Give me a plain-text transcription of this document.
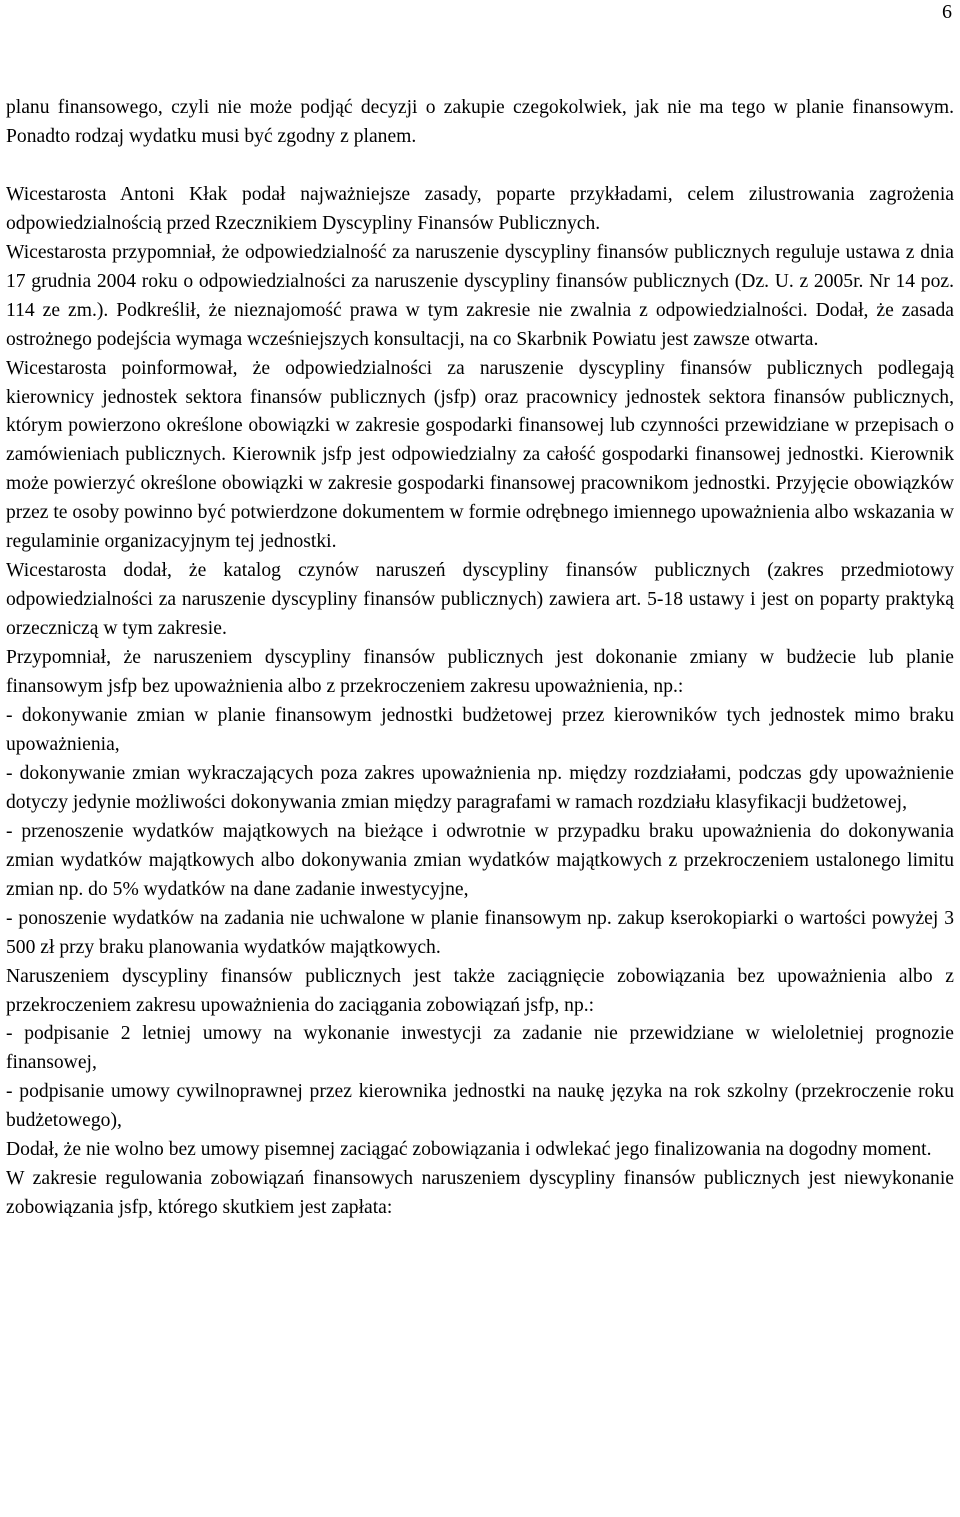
6

planu finansowego, czyli nie może podjąć decyzji o zakupie czegokolwiek, jak nie ma tego w planie finansowym. Ponadto rodzaj wydatku musi być zgodny z planem.

Wicestarosta Antoni Kłak podał najważniejsze zasady, poparte przykładami, celem zilustrowania zagrożenia odpowiedzialnością przed Rzecznikiem Dyscypliny Finansów Publicznych.

Wicestarosta przypomniał, że odpowiedzialność za naruszenie dyscypliny finansów publicznych reguluje ustawa z dnia 17 grudnia 2004 roku o odpowiedzialności za naruszenie dyscypliny finansów publicznych (Dz. U. z 2005r. Nr 14 poz. 114 ze zm.). Podkreślił, że nieznajomość prawa w tym zakresie nie zwalnia z odpowiedzialności. Dodał, że zasada ostrożnego podejścia wymaga wcześniejszych konsultacji, na co Skarbnik Powiatu jest zawsze otwarta.

Wicestarosta poinformował, że odpowiedzialności za naruszenie dyscypliny finansów publicznych podlegają kierownicy jednostek sektora finansów publicznych (jsfp) oraz pracownicy jednostek sektora finansów publicznych, którym powierzono określone obowiązki w zakresie gospodarki finansowej lub czynności przewidziane w przepisach o zamówieniach publicznych. Kierownik jsfp jest odpowiedzialny za całość gospodarki finansowej jednostki. Kierownik może powierzyć określone obowiązki w zakresie gospodarki finansowej pracownikom jednostki. Przyjęcie obowiązków przez te osoby powinno być potwierdzone dokumentem w formie odrębnego imiennego upoważnienia albo wskazania w regulaminie organizacyjnym tej jednostki.

Wicestarosta dodał, że katalog czynów naruszeń dyscypliny finansów publicznych (zakres przedmiotowy odpowiedzialności za naruszenie dyscypliny finansów publicznych) zawiera art. 5-18 ustawy i jest on poparty praktyką orzeczniczą w tym zakresie.

Przypomniał, że naruszeniem dyscypliny finansów publicznych jest dokonanie zmiany w budżecie lub planie finansowym jsfp bez upoważnienia albo z przekroczeniem zakresu upoważnienia, np.:

- dokonywanie zmian w planie finansowym jednostki budżetowej przez kierowników tych jednostek mimo braku upoważnienia,

- dokonywanie zmian wykraczających poza zakres upoważnienia np. między rozdziałami, podczas gdy upoważnienie dotyczy jedynie możliwości dokonywania zmian między paragrafami w ramach rozdziału klasyfikacji budżetowej,

- przenoszenie wydatków majątkowych na bieżące i odwrotnie w przypadku braku upoważnienia do dokonywania zmian wydatków majątkowych albo dokonywania zmian wydatków majątkowych z przekroczeniem ustalonego limitu zmian np. do 5% wydatków na dane zadanie inwestycyjne,

- ponoszenie wydatków na zadania nie uchwalone w planie finansowym np. zakup kserokopiarki o wartości powyżej 3 500 zł przy braku planowania wydatków majątkowych.

Naruszeniem dyscypliny finansów publicznych jest także zaciągnięcie zobowiązania bez upoważnienia albo z przekroczeniem zakresu upoważnienia do zaciągania zobowiązań jsfp, np.:

- podpisanie 2 letniej umowy na wykonanie inwestycji za zadanie nie przewidziane w wieloletniej prognozie finansowej,

- podpisanie umowy cywilnoprawnej przez kierownika jednostki na naukę języka na rok szkolny (przekroczenie roku budżetowego),

Dodał, że nie wolno bez umowy pisemnej zaciągać zobowiązania i odwlekać jego finalizowania na dogodny moment.

W zakresie regulowania zobowiązań finansowych naruszeniem dyscypliny finansów publicznych jest niewykonanie zobowiązania jsfp, którego skutkiem jest zapłata:
